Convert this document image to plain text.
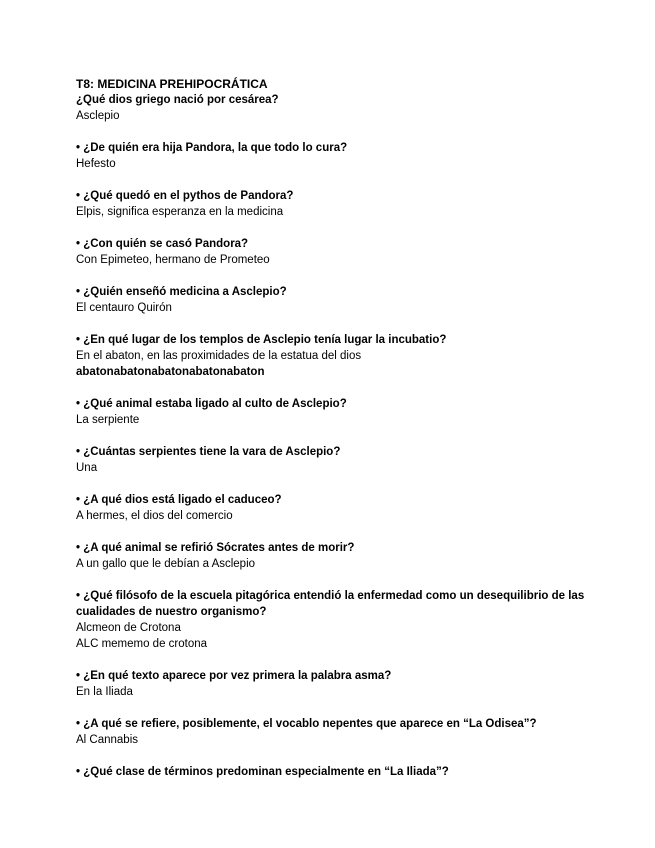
T8: MEDICINA PREHIPOCRÁTICA

¿Qué dios griego nació por cesárea?

Asclepio

• ¿De quién era hija Pandora, la que todo lo cura?

Hefesto

• ¿Qué quedó en el pythos de Pandora?

Elpis, significa esperanza en la medicina

• ¿Con quién se casó Pandora?

Con Epimeteo, hermano de Prometeo

• ¿Quién enseñó medicina a Asclepio?

El centauro Quirón

• ¿En qué lugar de los templos de Asclepio tenía lugar la incubatio?

En el abaton, en las proximidades de la estatua del dios

abatonabatonabatonabatonabaton

• ¿Qué animal estaba ligado al culto de Asclepio?

La serpiente

• ¿Cuántas serpientes tiene la vara de Asclepio?

Una

• ¿A qué dios está ligado el caduceo?

A hermes, el dios del comercio

• ¿A qué animal se refirió Sócrates antes de morir?

A un gallo que le debían a Asclepio

• ¿Qué filósofo de la escuela pitagórica entendió la enfermedad como un desequilibrio de las cualidades de nuestro organismo?

Alcmeon de Crotona

ALC mememo de crotona

• ¿En qué texto aparece por vez primera la palabra asma?

En la Iliada

• ¿A qué se refiere, posiblemente, el vocablo nepentes que aparece en “La Odisea”?

Al Cannabis

• ¿Qué clase de términos predominan especialmente en “La Iliada”?
